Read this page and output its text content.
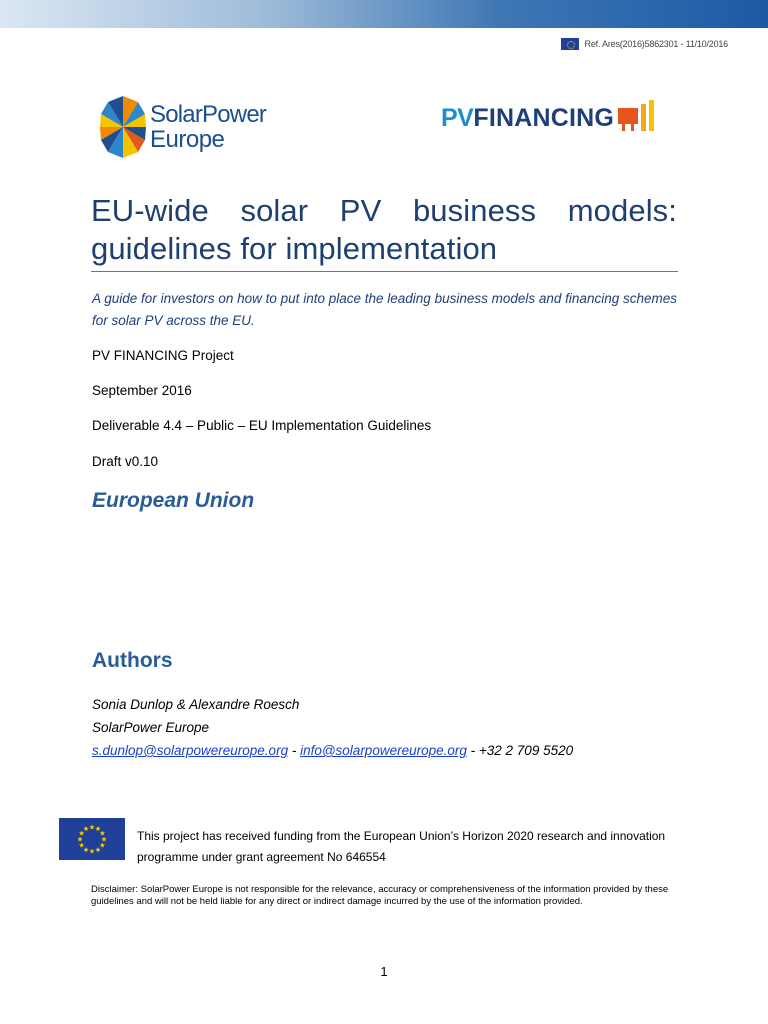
Ref. Ares(2016)5862301 - 11/10/2016
SolarPower
Europe
PV FINANCING
EU-wide solar PV business models: guidelines for implementation
A guide for investors on how to put into place the leading business models and financing schemes for solar PV across the EU.
PV FINANCING Project
September 2016
Deliverable 4.4 – Public – EU Implementation Guidelines
Draft v0.10
European Union
Authors
Sonia Dunlop & Alexandre Roesch
SolarPower Europe
s.dunlop@solarpowereurope.org - info@solarpowereurope.org - +32 2 709 5520
★ ★
★
★
★
★
★
★
★
★
★
★	This project has received funding from the European Union’s Horizon 2020 research and innovation programme under grant agreement No 646554
Disclaimer: SolarPower Europe is not responsible for the relevance, accuracy or comprehensiveness of the information provided by these guidelines and will not be held liable for any direct or indirect damage incurred by the use of the information provided.
1
